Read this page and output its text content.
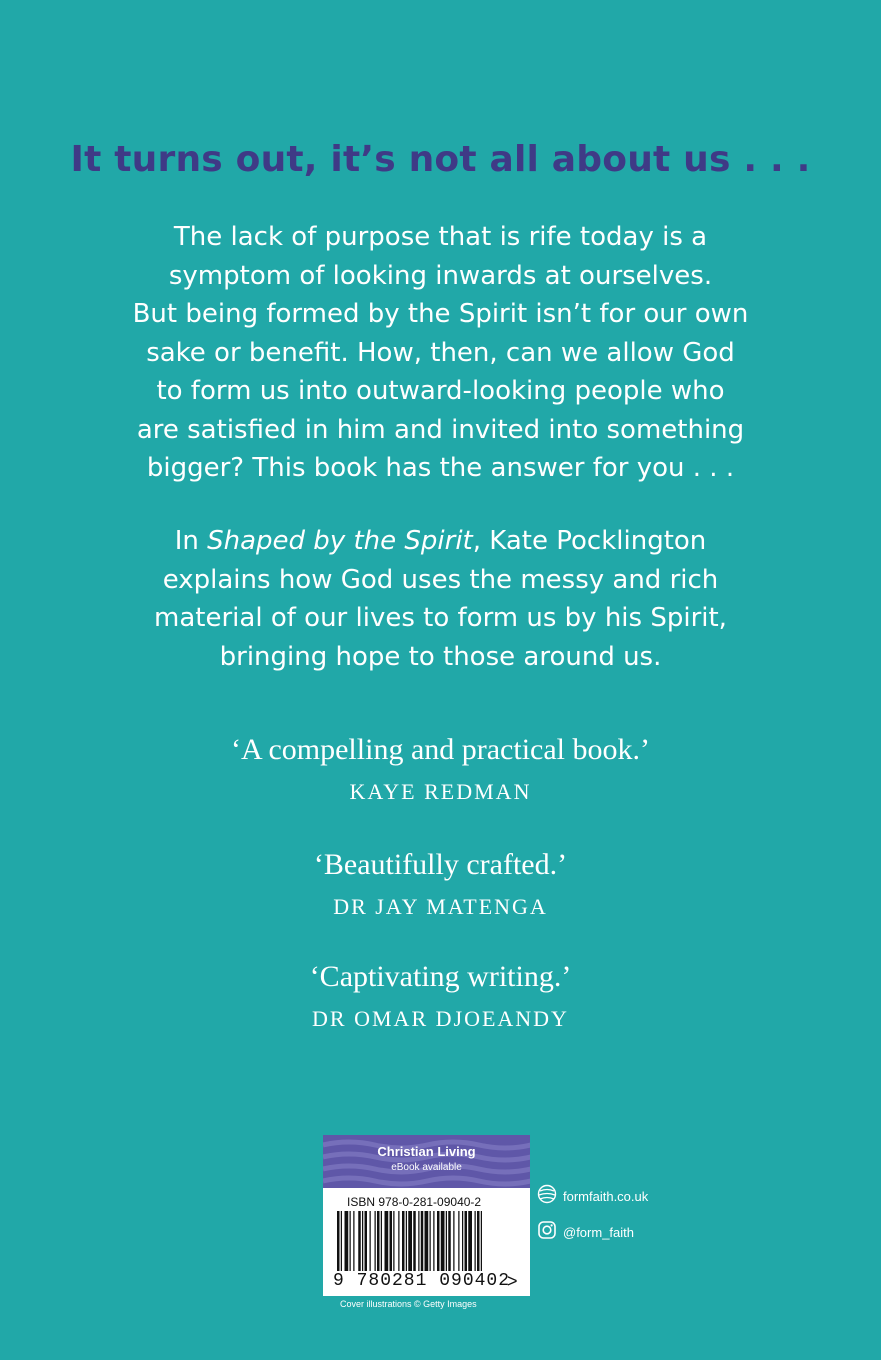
It turns out, it’s not all about us . . .
The lack of purpose that is rife today is a
symptom of looking inwards at ourselves.
But being formed by the Spirit isn’t for our own
sake or benefit. How, then, can we allow God
to form us into outward-looking people who
are satisfied in him and invited into something
bigger? This book has the answer for you . . .
In Shaped by the Spirit, Kate Pocklington
explains how God uses the messy and rich
material of our lives to form us by his Spirit,
bringing hope to those around us.
‘A compelling and practical book.’
KAYE REDMAN
‘Beautifully crafted.’
DR JAY MATENGA
‘Captivating writing.’
DR OMAR DJOEANDY
Christian Living
eBook available
ISBN 978-0-281-09040-2
9 780281 090402
>
formfaith.co.uk
@form_faith
Cover illustrations © Getty Images
